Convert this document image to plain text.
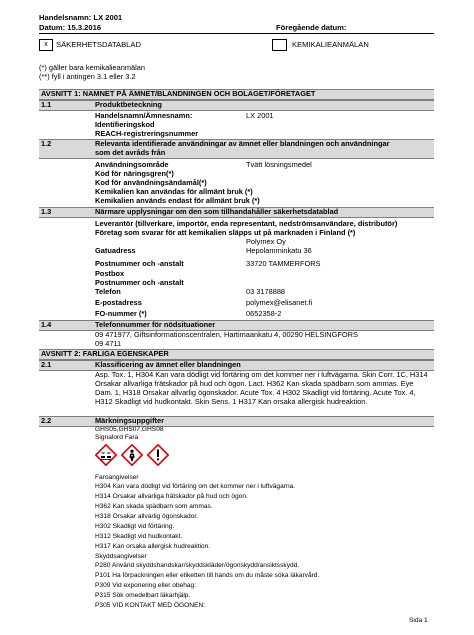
Handelsnamn: LX 2001
Datum: 15.3.2016	Föregående datum:
x	SÄKERHETSDATABLAD	KEMIKALIEANMÄLAN
(*) gäller bara kemikalieanmälan
(**) fyll i antingen 3.1 eller 3.2
AVSNITT 1: NAMNET PÅ ÄMNET/BLANDNINGEN OCH BOLAGET/FÖRETAGET
1.1	Produktbeteckning
Handelsnamn/Ämnesnamn:	LX 2001
Identifieringskod
REACH-registreringsnummer
1.2	Relevanta identifierade användningar av ämnet eller blandningen och användningar
som det avråds från
Användningsområde	Tvätt lösningsmedel
Kod för näringsgren(*)
Kod för användningsändamål(*)
Kemikalien kan användas för allmänt bruk (*)
Kemikalien används endast för allmänt bruk (*)
1.3	Närmare upplysningar om den som tillhandahåller säkerhetsdatablad
Leverantör (tillverkare, importör, enda representant, nedströmsanvändare, distributör)
Företag som svarar för att kemikalien släpps ut på marknaden i Finland (*)
Polymex Oy
Gatuadress	Hepolamminkatu 36
Postnummer och -anstalt	33720 TAMMERFORS
Postbox
Postnummer och -anstalt
Telefon	03 3178888
E-postadress	polymex@elisanet.fi
FO-nummer (*)	0652358-2
1.4	Telefonnummer för nödsituationer
09 471977, Giftsinformationscentralen, Hartimaankatu 4, 00290 HELSINGFORS
09 4711
AVSNITT 2: FARLIGA EGENSKAPER
2.1	Klassificering av ämnet eller blandningen
Asp. Tox. 1, H304 Kan vara dödligt vid förtäring om det kommer ner i luftvägarna. Skin Corr. 1C, H314 Orsakar allvarliga frätskador på hud och ögon. Lact. H362 Kan skada spädbarn som ammas. Eye Dam. 1, H318 Orsakar allvarlig ögonskador. Acute Tox. 4 H302 Skadligt vid förtäring. Acute Tox. 4, H312 Skadligt vid hudkontakt. Skin Sens. 1 H317 Kan orsaka allergisk hudreaktion.
2.2	Märkningsuppgifter
GHS05,GHS07,GHS08
Signalord Fara
Faroangivelser
H304 Kan vara dödligt vid förtäring om det kommer ner i luftvägarna.
H314 Orsakar allvarliga frätskador på hud och ögon.
H362 Kan skada spädbarn som ammas.
H318 Orsakar allvarlig ögonskador.
H302 Skadligt vid förtäring.
H312 Skadligt vid hudkontakt.
H317 Kan orsaka allergisk hudreaktion.
Skyddsangivelser
P280 Använd skyddshandskar/skyddskläder/ögonskydd/ansiktsskydd.
P101 Ha förpackningen eller etiketten till hands om du måste söka läkarvård.
P309 Vid exponering eller obehag:
P315 Sök omedelbart läkarhjälp.
P305 VID KONTAKT MED ÖGONEN:
Sida 1
